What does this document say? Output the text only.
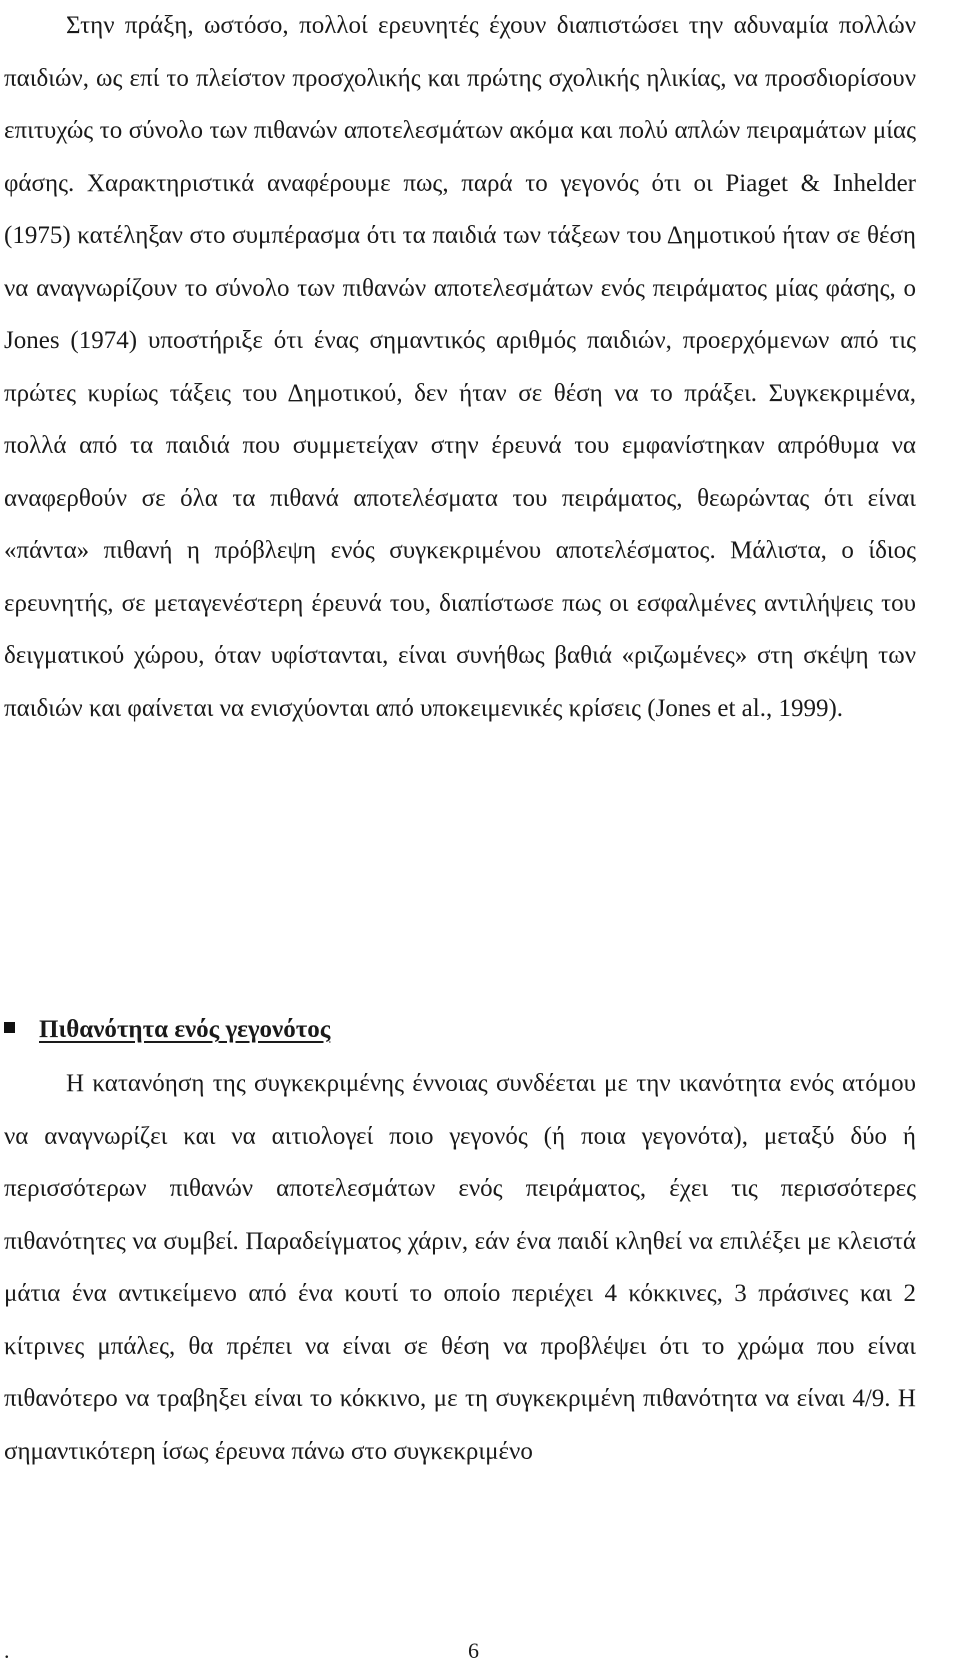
Στην πράξη, ωστόσο, πολλοί ερευνητές έχουν διαπιστώσει την αδυναμία πολλών παιδιών, ως επί το πλείστον προσχολικής και πρώτης σχολικής ηλικίας, να προσδιορίσουν επιτυχώς το σύνολο των πιθανών αποτελεσμάτων ακόμα και πολύ απλών πειραμάτων μίας φάσης. Χαρακτηριστικά αναφέρουμε πως, παρά το γεγονός ότι οι Piaget & Inhelder (1975) κατέληξαν στο συμπέρασμα ότι τα παιδιά των τάξεων του Δημοτικού ήταν σε θέση να αναγνωρίζουν το σύνολο των πιθανών αποτελεσμάτων ενός πειράματος μίας φάσης, ο Jones (1974) υποστήριξε ότι ένας σημαντικός αριθμός παιδιών, προερχόμενων από τις πρώτες κυρίως τάξεις του Δημοτικού, δεν ήταν σε θέση να το πράξει. Συγκεκριμένα, πολλά από τα παιδιά που συμμετείχαν στην έρευνά του εμφανίστηκαν απρόθυμα να αναφερθούν σε όλα τα πιθανά αποτελέσματα του πειράματος, θεωρώντας ότι είναι «πάντα» πιθανή η πρόβλεψη ενός συγκεκριμένου αποτελέσματος. Μάλιστα, ο ίδιος ερευνητής, σε μεταγενέστερη έρευνά του, διαπίστωσε πως οι εσφαλμένες αντιλήψεις του δειγματικού χώρου, όταν υφίστανται, είναι συνήθως βαθιά «ριζωμένες» στη σκέψη των παιδιών και φαίνεται να ενισχύονται από υποκειμενικές κρίσεις (Jones et al., 1999).

Πιθανότητα ενός γεγονότος

Η κατανόηση της συγκεκριμένης έννοιας συνδέεται με την ικανότητα ενός ατόμου να αναγνωρίζει και να αιτιολογεί ποιο γεγονός (ή ποια γεγονότα), μεταξύ δύο ή περισσότερων πιθανών αποτελεσμάτων ενός πειράματος, έχει τις περισσότερες πιθανότητες να συμβεί. Παραδείγματος χάριν, εάν ένα παιδί κληθεί να επιλέξει με κλειστά μάτια ένα αντικείμενο από ένα κουτί το οποίο περιέχει 4 κόκκινες, 3 πράσινες και 2 κίτρινες μπάλες, θα πρέπει να είναι σε θέση να προβλέψει ότι το χρώμα που είναι πιθανότερο να τραβηξει είναι το κόκκινο, με τη συγκεκριμένη πιθανότητα να είναι 4/9. Η σημαντικότερη ίσως έρευνα πάνω στο συγκεκριμένο

.	6
